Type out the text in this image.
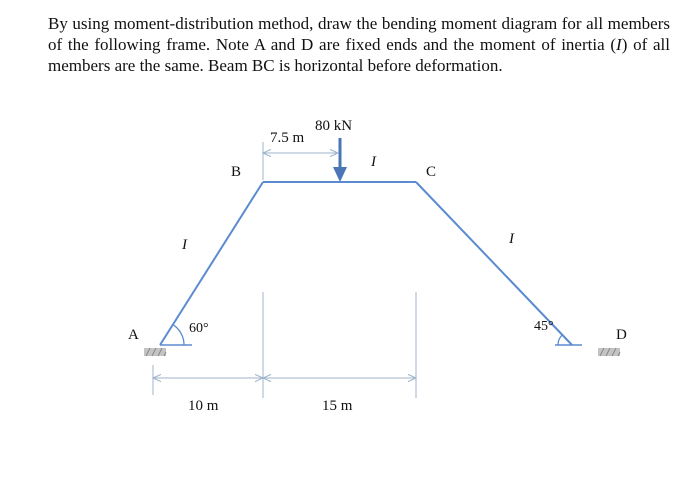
By using moment-distribution method, draw the bending moment diagram for all members of the following frame. Note A and D are fixed ends and the moment of inertia (I) of all members are the same. Beam BC is horizontal before deformation.

A
B	C
D
80 kN
7.5 m
I
I
I
60°	45°
10 m	15 m
